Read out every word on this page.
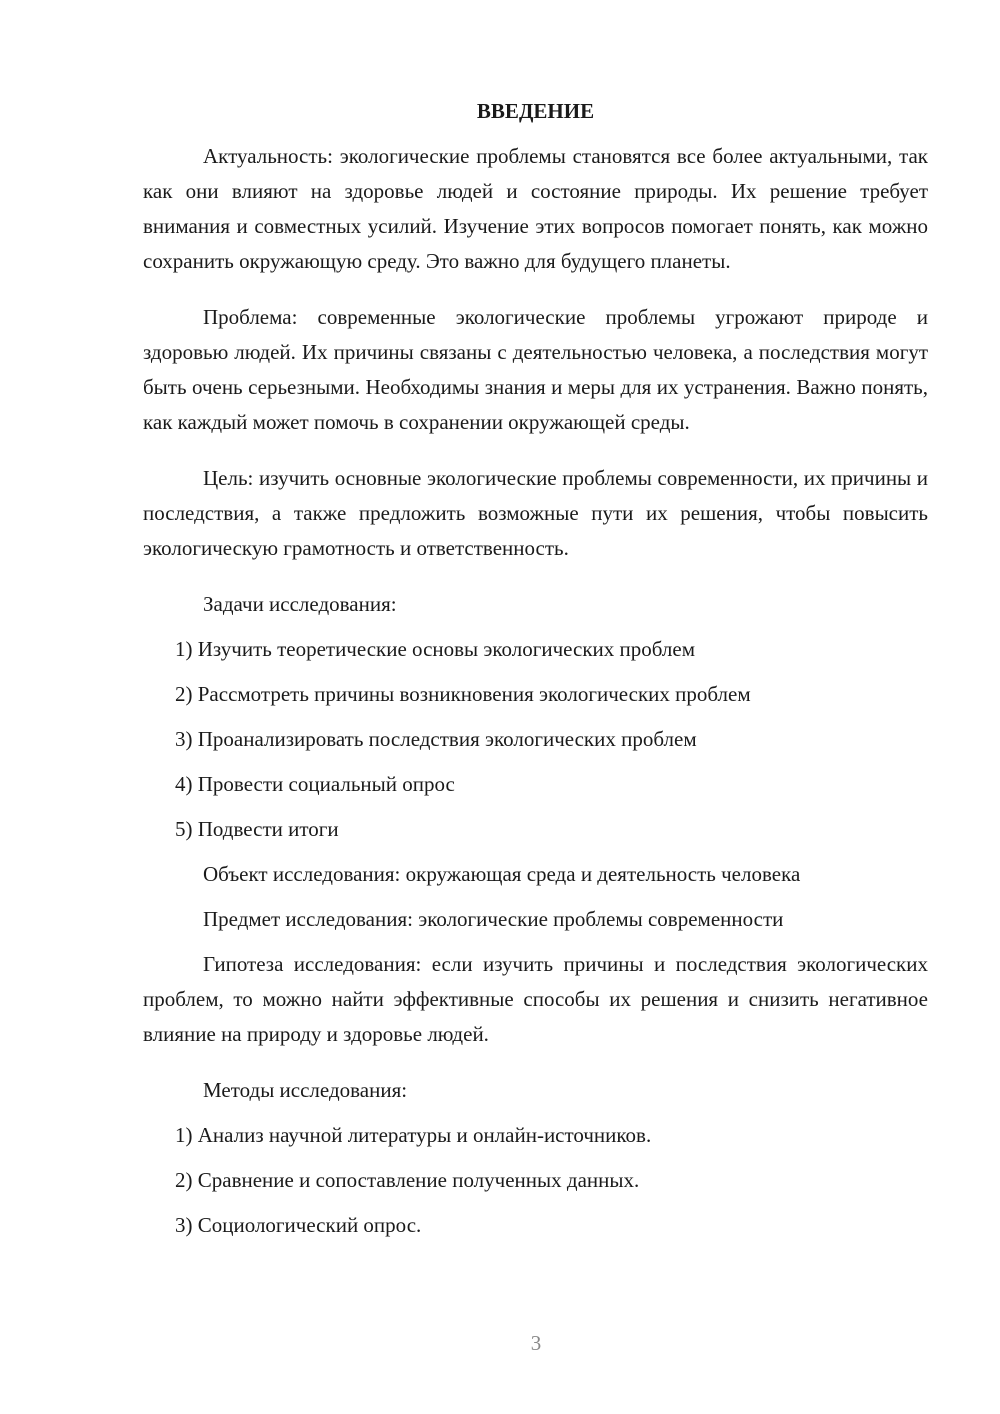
ВВЕДЕНИЕ

Актуальность: экологические проблемы становятся все более актуальными, так как они влияют на здоровье людей и состояние природы. Их решение требует внимания и совместных усилий. Изучение этих вопросов помогает понять, как можно сохранить окружающую среду. Это важно для будущего планеты.

Проблема: современные экологические проблемы угрожают природе и здоровью людей. Их причины связаны с деятельностью человека, а последствия могут быть очень серьезными. Необходимы знания и меры для их устранения. Важно понять, как каждый может помочь в сохранении окружающей среды.

Цель: изучить основные экологические проблемы современности, их причины и последствия, а также предложить возможные пути их решения, чтобы повысить экологическую грамотность и ответственность.

Задачи исследования:
1) Изучить теоретические основы экологических проблем
2) Рассмотреть причины возникновения экологических проблем
3) Проанализировать последствия экологических проблем
4) Провести социальный опрос
5) Подвести итоги
Объект исследования: окружающая среда и деятельность человека
Предмет исследования: экологические проблемы современности

Гипотеза исследования: если изучить причины и последствия экологических проблем, то можно найти эффективные способы их решения и снизить негативное влияние на природу и здоровье людей.

Методы исследования:
1) Анализ научной литературы и онлайн-источников.
2) Сравнение и сопоставление полученных данных.
3) Социологический опрос.
3
